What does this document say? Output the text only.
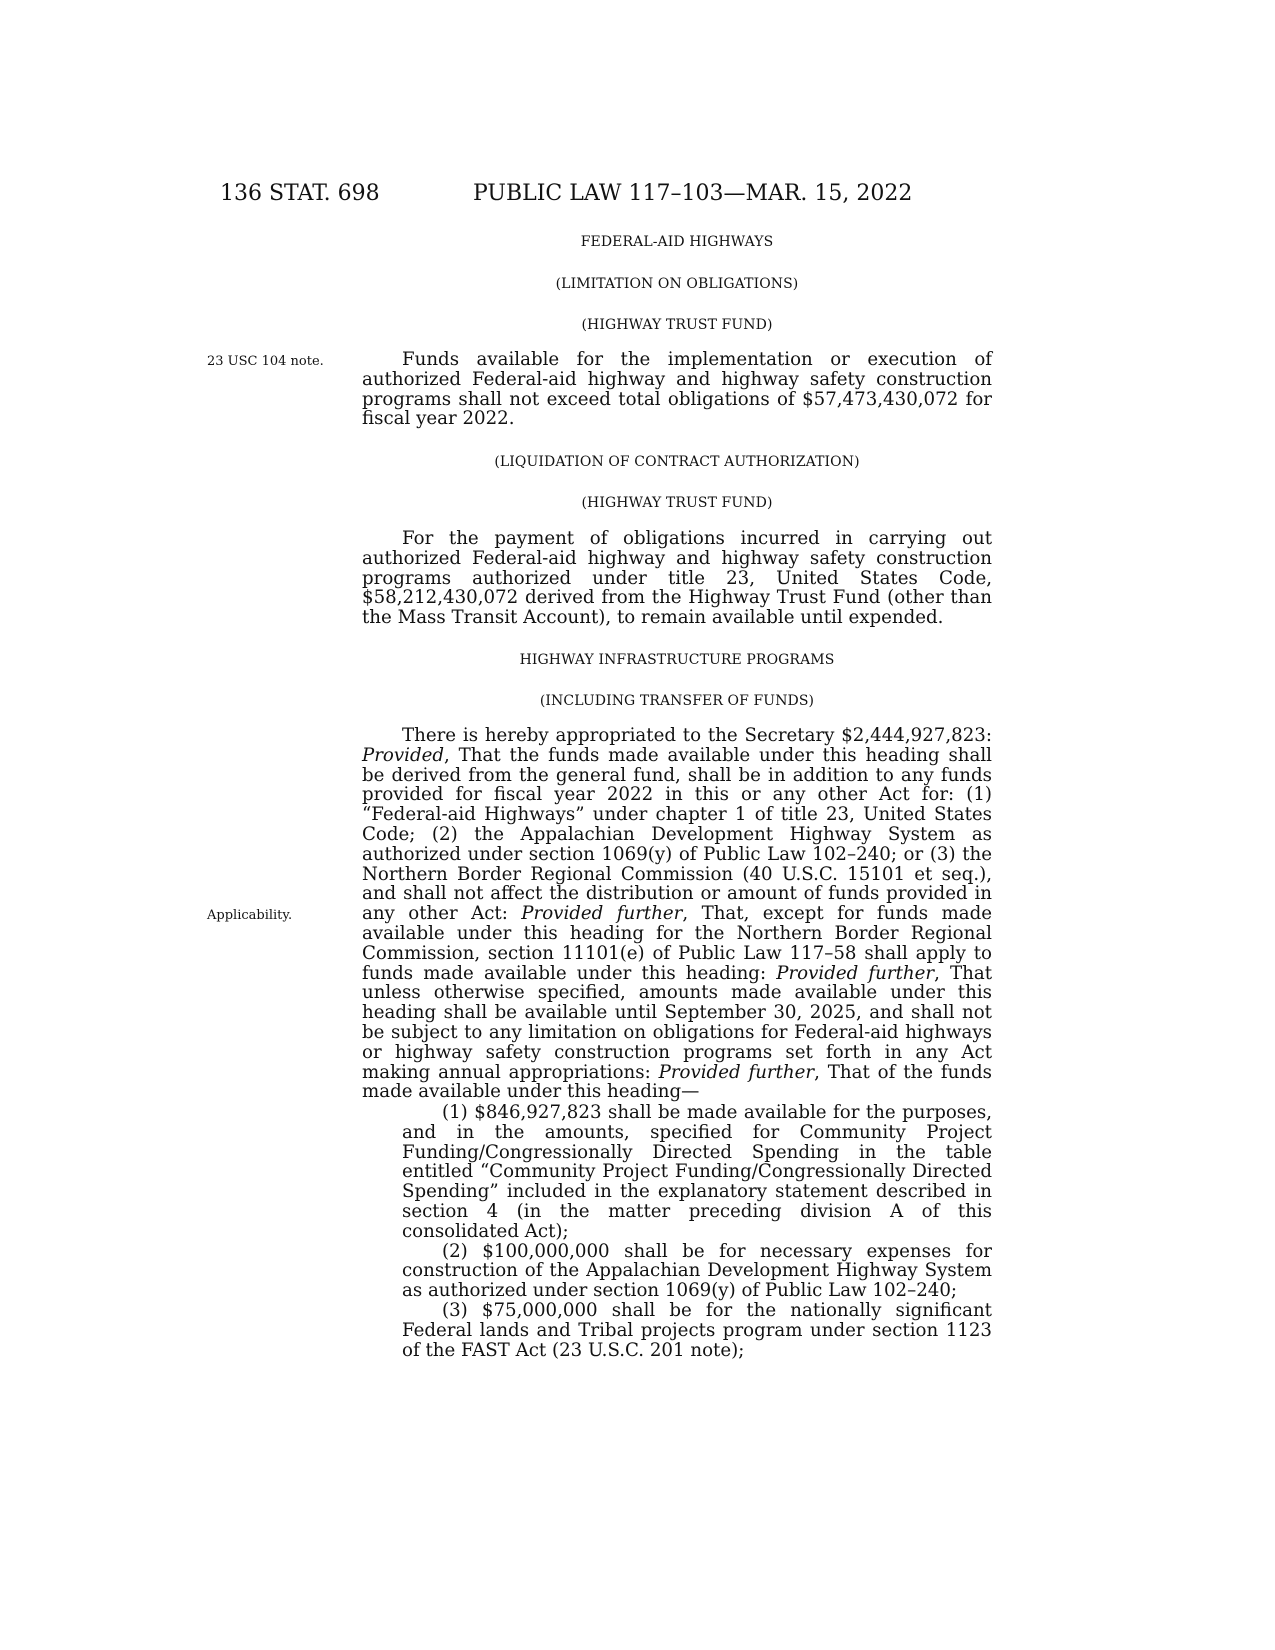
136 STAT. 698	PUBLIC LAW 117–103—MAR. 15, 2022
FEDERAL-AID HIGHWAYS
(LIMITATION ON OBLIGATIONS)
(HIGHWAY TRUST FUND)
23 USC 104 note.	Funds available for the implementation or execution of authorized Federal-aid highway and highway safety construction programs shall not exceed total obligations of $57,473,430,072 for fiscal year 2022.

(LIQUIDATION OF CONTRACT AUTHORIZATION)
(HIGHWAY TRUST FUND)

For the payment of obligations incurred in carrying out authorized Federal-aid highway and highway safety construction programs authorized under title 23, United States Code, $58,212,430,072 derived from the Highway Trust Fund (other than the Mass Transit Account), to remain available until expended.

HIGHWAY INFRASTRUCTURE PROGRAMS
(INCLUDING TRANSFER OF FUNDS)
Applicability.

There is hereby appropriated to the Secretary $2,444,927,823: Provided, That the funds made available under this heading shall be derived from the general fund, shall be in addition to any funds provided for fiscal year 2022 in this or any other Act for: (1) “Federal-aid Highways” under chapter 1 of title 23, United States Code; (2) the Appalachian Development Highway System as authorized under section 1069(y) of Public Law 102–240; or (3) the Northern Border Regional Commission (40 U.S.C. 15101 et seq.), and shall not affect the distribution or amount of funds provided in any other Act: Provided further, That, except for funds made available under this heading for the Northern Border Regional Commission, section 11101(e) of Public Law 117–58 shall apply to funds made available under this heading: Provided further, That unless otherwise specified, amounts made available under this heading shall be available until September 30, 2025, and shall not be subject to any limitation on obligations for Federal-aid highways or highway safety construction programs set forth in any Act making annual appropriations: Provided further, That of the funds made available under this heading—

(1) $846,927,823 shall be made available for the purposes, and in the amounts, specified for Community Project Funding/Congressionally Directed Spending in the table entitled “Community Project Funding/Congressionally Directed Spending” included in the explanatory statement described in section 4 (in the matter preceding division A of this consolidated Act);

(2) $100,000,000 shall be for necessary expenses for construction of the Appalachian Development Highway System as authorized under section 1069(y) of Public Law 102–240;

(3) $75,000,000 shall be for the nationally significant Federal lands and Tribal projects program under section 1123 of the FAST Act (23 U.S.C. 201 note);
